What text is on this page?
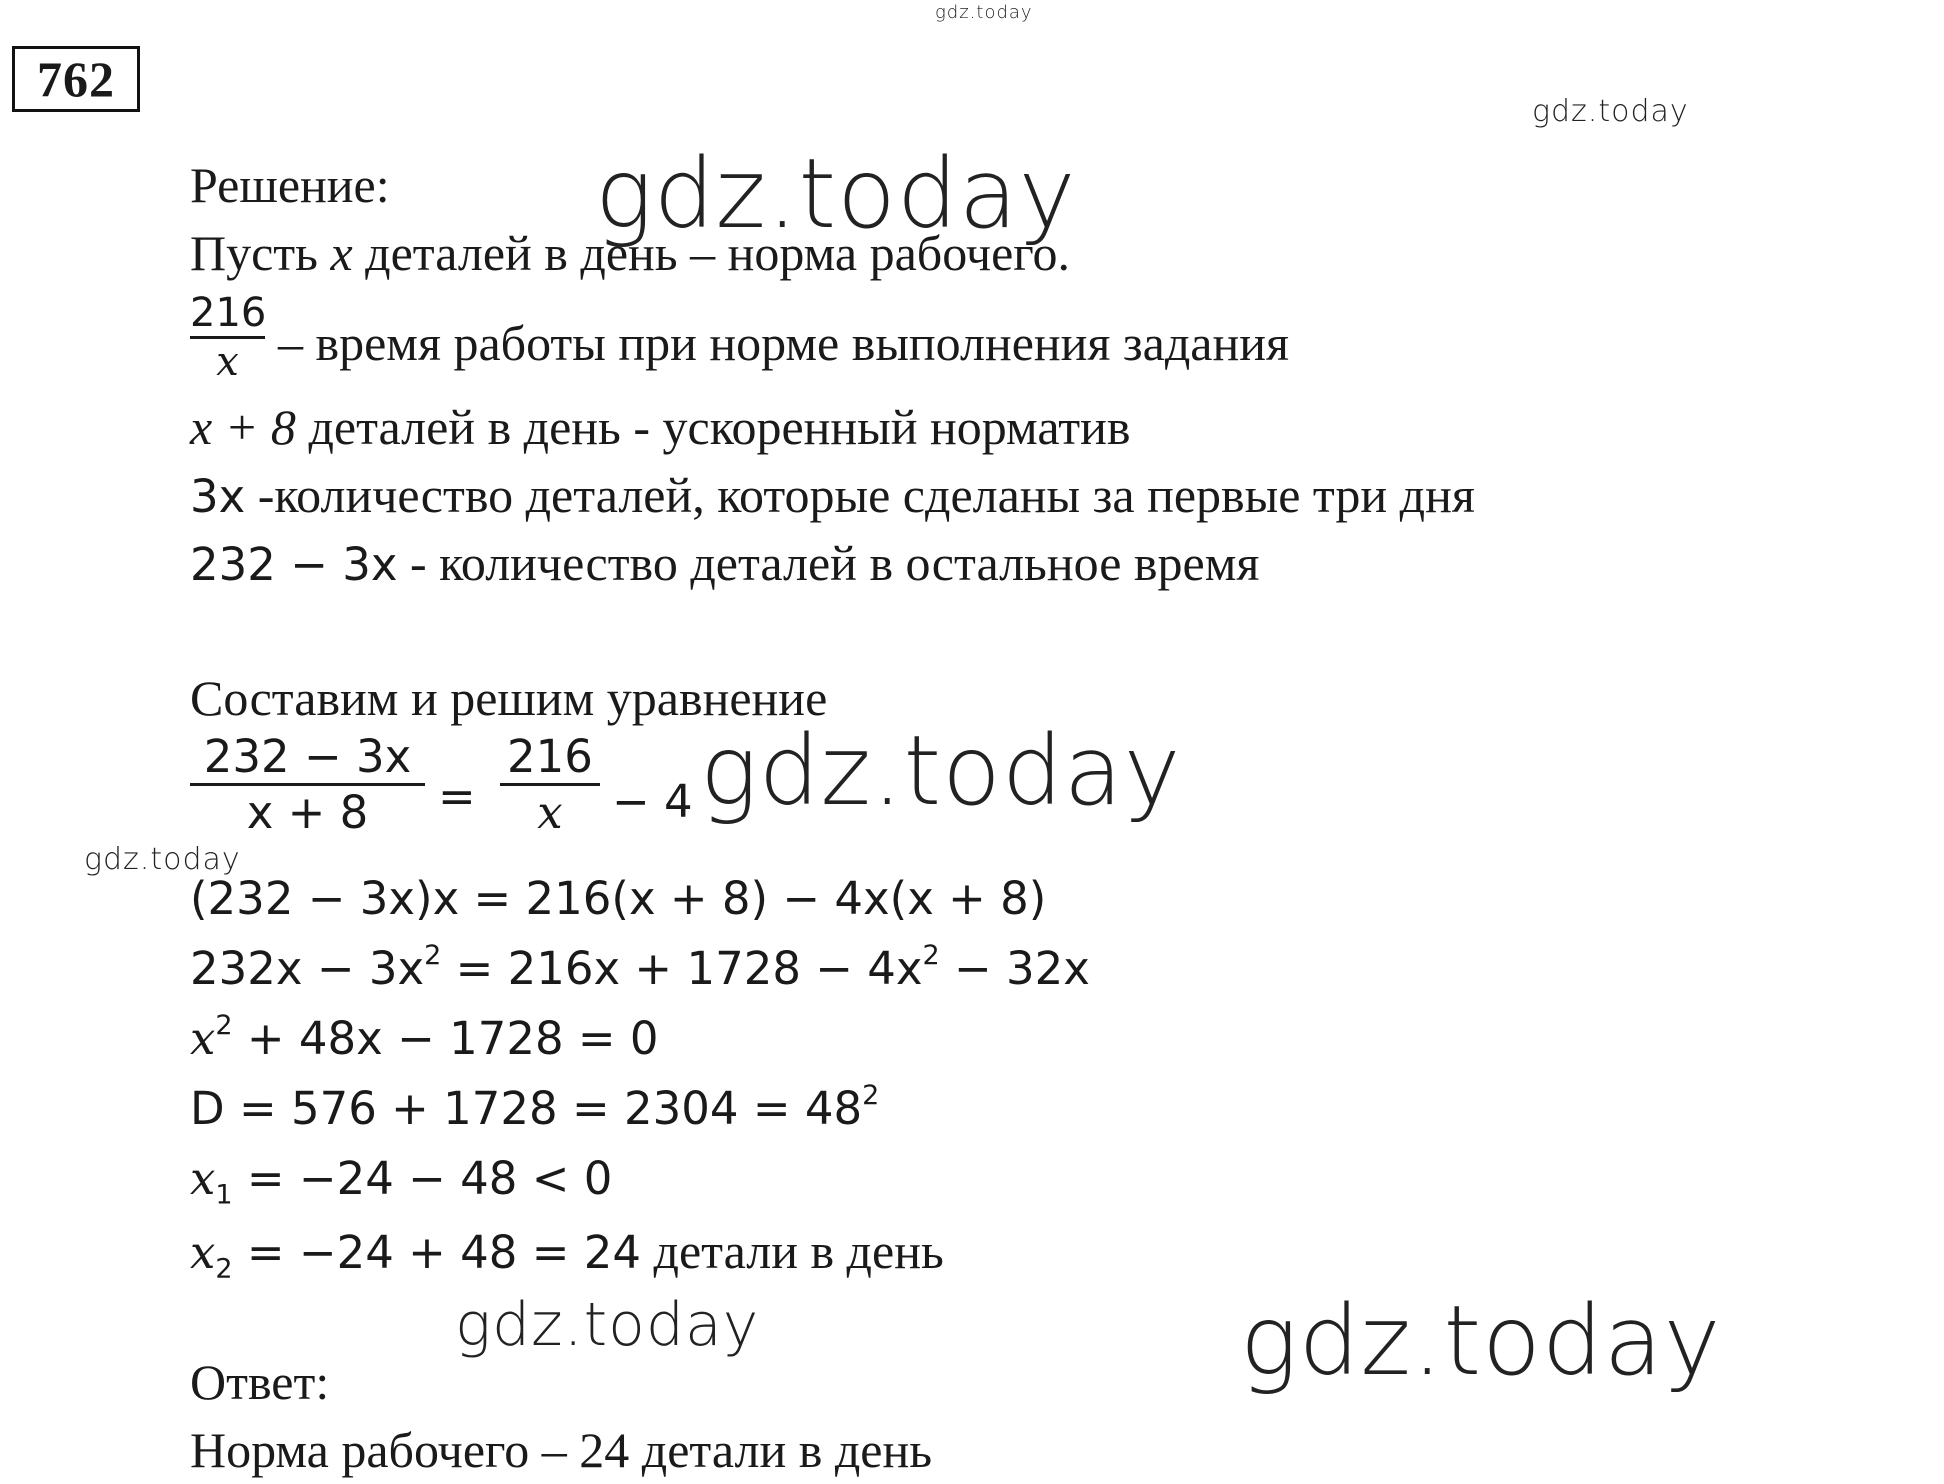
762
Решение:
Пусть x деталей в день – норма рабочего.
216
x – время работы при норме выполнения задания
x + 8 деталей в день - ускоренный норматив
3x -количество деталей, которые сделаны за первые три дня
232 − 3x - количество деталей в остальное время
Составим и решим уравнение
232 − 3x
x + 8	=
216
x	− 4
(232 − 3x)x = 216(x + 8) − 4x(x + 8)
$232x - 3x^2 = 216x + 1728 - 4x^2 - 32x$
$x^2 + 48x - 1728 = 0$
$D = 576 + 1728 = 2304 = 48^2$
$x_1 = -24 - 48 < 0$
$x_2 = -24 + 48 = 24$ детали в день
Ответ:
Норма рабочего – 24 детали в день
gdz.today
gdz.today
gdz.today
gdz.today
gdz.today
gdz.today	gdz.today
